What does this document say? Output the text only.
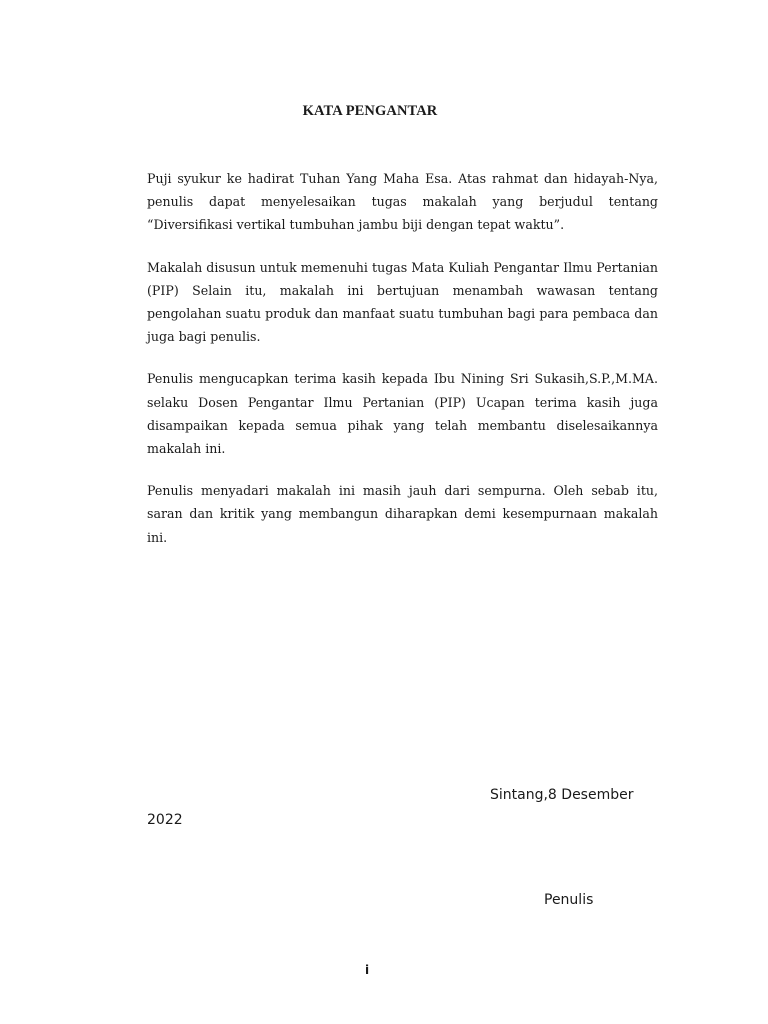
KATA PENGANTAR

Puji syukur ke hadirat Tuhan Yang Maha Esa. Atas rahmat dan hidayah-Nya, penulis dapat menyelesaikan tugas makalah yang berjudul tentang “Diversifikasi vertikal tumbuhan jambu biji dengan tepat waktu”.

Makalah disusun untuk memenuhi tugas Mata Kuliah Pengantar Ilmu Pertanian (PIP) Selain itu, makalah ini bertujuan menambah wawasan tentang pengolahan suatu produk dan manfaat suatu tumbuhan bagi para pembaca dan juga bagi penulis.

Penulis mengucapkan terima kasih kepada Ibu Nining Sri Sukasih,S.P.,M.MA. selaku Dosen Pengantar Ilmu Pertanian (PIP) Ucapan terima kasih juga disampaikan kepada semua pihak yang telah membantu diselesaikannya makalah ini.

Penulis menyadari makalah ini masih jauh dari sempurna. Oleh sebab itu, saran dan kritik yang membangun diharapkan demi kesempurnaan makalah ini.

Sintang,8 Desember
2022
Penulis
i
